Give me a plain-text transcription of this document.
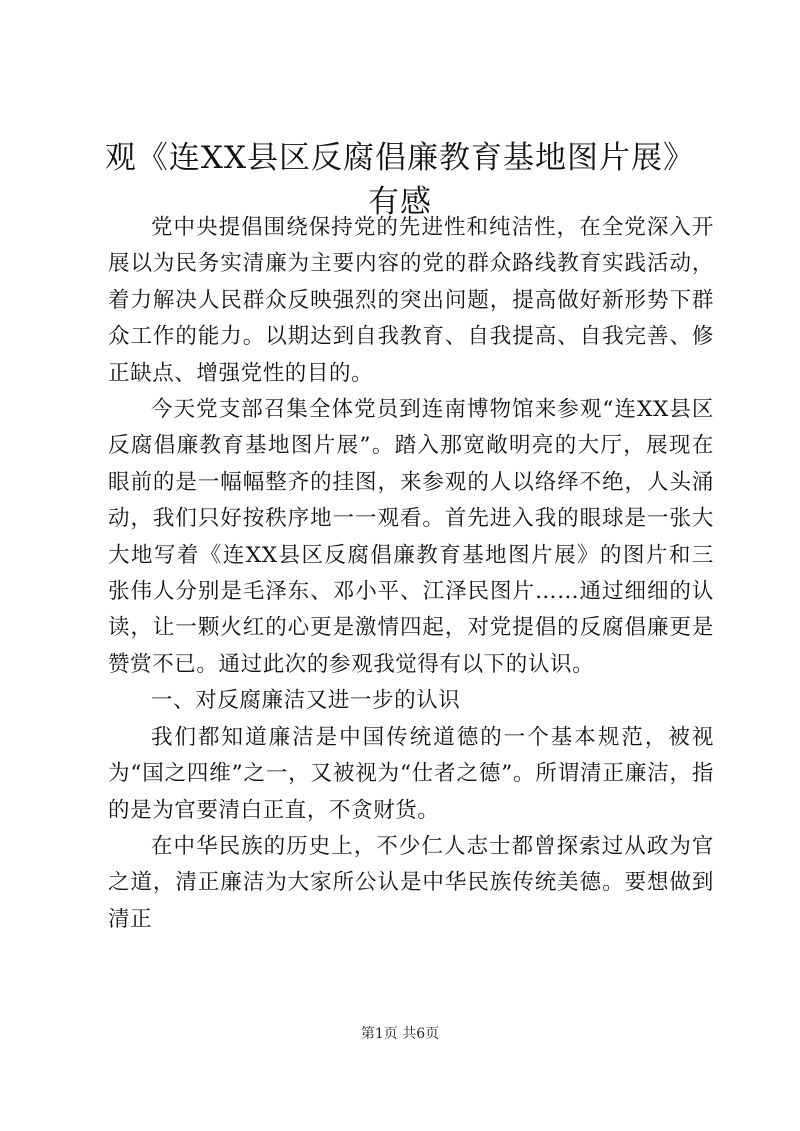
观《连XX县区反腐倡廉教育基地图片展》有感

党中央提倡围绕保持党的先进性和纯洁性，在全党深入开展以为民务实清廉为主要内容的党的群众路线教育实践活动，着力解决人民群众反映强烈的突出问题，提高做好新形势下群众工作的能力。以期达到自我教育、自我提高、自我完善、修正缺点、增强党性的目的。

今天党支部召集全体党员到连南博物馆来参观“连XX县区反腐倡廉教育基地图片展”。踏入那宽敞明亮的大厅，展现在眼前的是一幅幅整齐的挂图，来参观的人以络绎不绝，人头涌动，我们只好按秩序地一一观看。首先进入我的眼球是一张大大地写着《连XX县区反腐倡廉教育基地图片展》的图片和三张伟人分别是毛泽东、邓小平、江泽民图片……通过细细的认读，让一颗火红的心更是激情四起，对党提倡的反腐倡廉更是赞赏不已。通过此次的参观我觉得有以下的认识。

一、对反腐廉洁又进一步的认识

我们都知道廉洁是中国传统道德的一个基本规范，被视为“国之四维”之一，又被视为“仕者之德”。所谓清正廉洁，指的是为官要清白正直，不贪财货。

在中华民族的历史上，不少仁人志士都曾探索过从政为官之道，清正廉洁为大家所公认是中华民族传统美德。要想做到清正

第1页 共6页
